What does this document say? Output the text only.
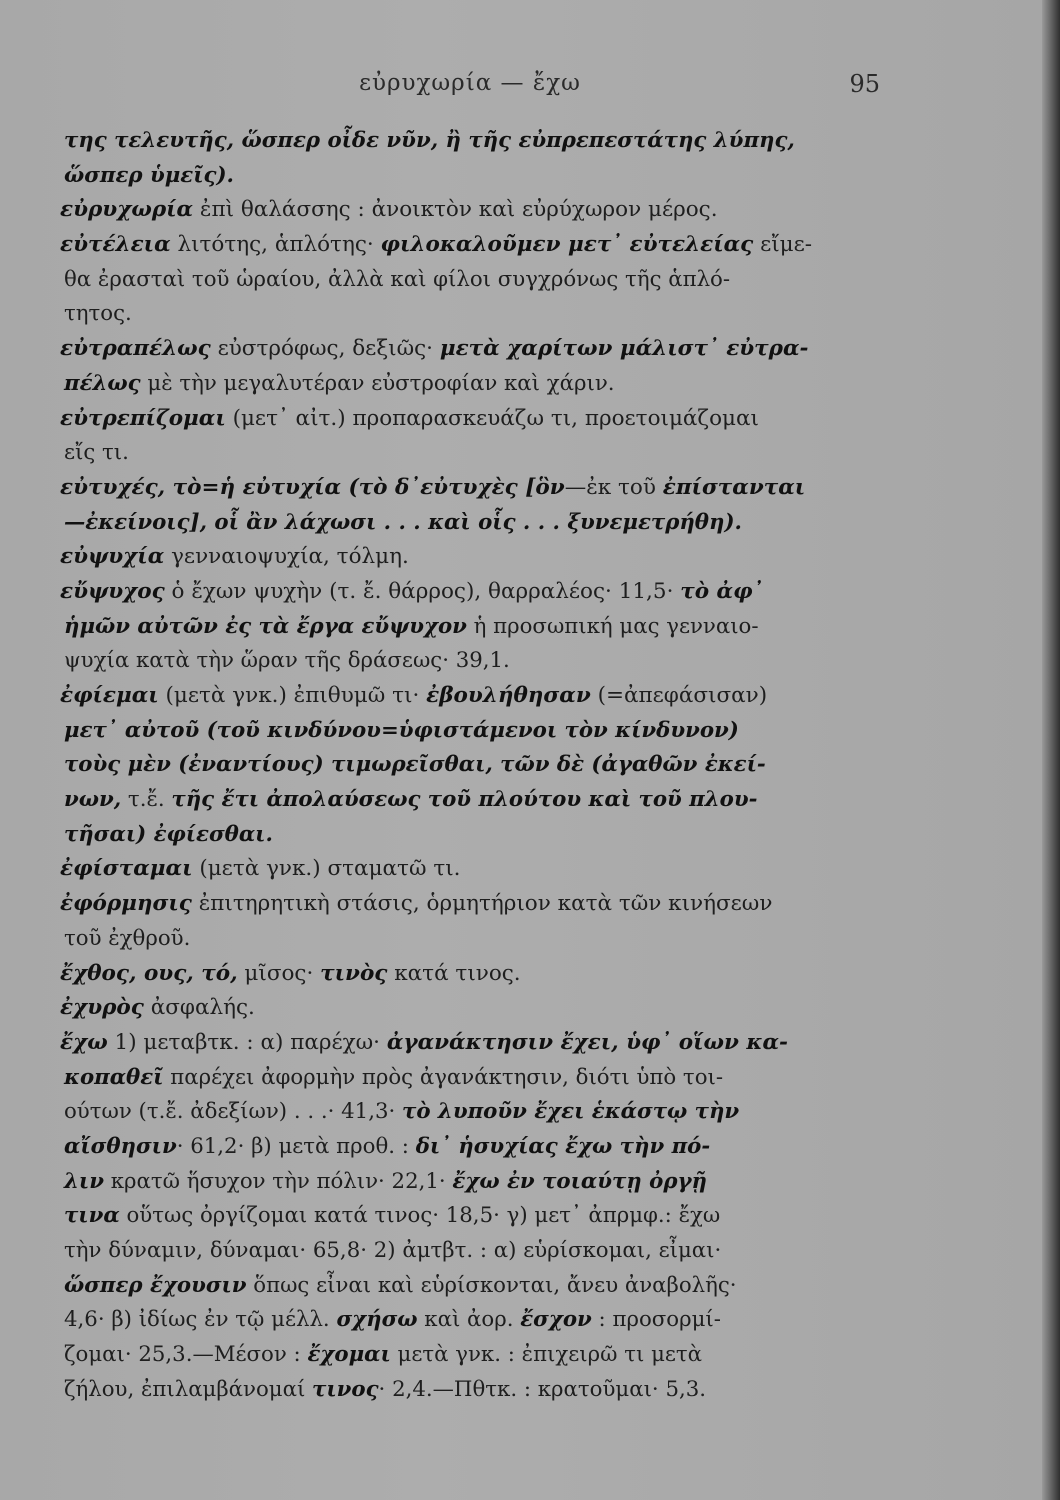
εὐρυχωρία — ἔχω	95
της τελευτῆς, ὥσπερ οἶδε νῦν, ἢ τῆς εὐπρεπεστάτης λύπης,
ὥσπερ ὑμεῖς).
εὐρυχωρία ἐπὶ θαλάσσης : ἀνοικτὸν καὶ εὐρύχωρον μέρος.
εὐτέλεια λιτότης, ἁπλότης· φιλοκαλοῦμεν μετ᾽ εὐτελείας εἴμε-
θα ἐρασταὶ τοῦ ὡραίου, ἀλλὰ καὶ φίλοι συγχρόνως τῆς ἁπλό-
τητος.
εὐτραπέλως εὐστρόφως, δεξιῶς· μετὰ χαρίτων μάλιστ᾽ εὐτρα-
πέλως μὲ τὴν μεγαλυτέραν εὐστροφίαν καὶ χάριν.
εὐτρεπίζομαι (μετ᾽ αἰτ.) προπαρασκευάζω τι, προετοιμάζομαι
εἴς τι.
εὐτυχές, τὸ=ἡ εὐτυχία (τὸ δ᾽εὐτυχὲς [ὃν—ἐκ τοῦ ἐπίστανται
—ἐκείνοις], οἷ ἂν λάχωσι . . . καὶ οἷς . . . ξυνεμετρήθη).
εὐψυχία γενναιοψυχία, τόλμη.
εὔψυχος ὁ ἔχων ψυχὴν (τ. ἔ. θάρρος), θαρραλέος· 11,5· τὸ ἀφ᾽
ἡμῶν αὐτῶν ἐς τὰ ἔργα εὔψυχον ἡ προσωπική μας γενναιο-
ψυχία κατὰ τὴν ὥραν τῆς δράσεως· 39,1.
ἐφίεμαι (μετὰ γνκ.) ἐπιθυμῶ τι· ἐβουλήθησαν (=ἀπεφάσισαν)
μετ᾽ αὐτοῦ (τοῦ κινδύνου=ὑφιστάμενοι τὸν κίνδυνον)
τοὺς μὲν (ἐναντίους) τιμωρεῖσθαι, τῶν δὲ (ἀγαθῶν ἐκεί-
νων, τ.ἔ. τῆς ἔτι ἀπολαύσεως τοῦ πλούτου καὶ τοῦ πλου-
τῆσαι) ἐφίεσθαι.
ἐφίσταμαι (μετὰ γνκ.) σταματῶ τι.
ἐφόρμησις ἐπιτηρητικὴ στάσις, ὁρμητήριον κατὰ τῶν κινήσεων
τοῦ ἐχθροῦ.
ἔχθος, ους, τό, μῖσος· τινὸς κατά τινος.
ἐχυρὸς ἀσφαλής.
ἔχω 1) μεταβτκ. : α) παρέχω· ἀγανάκτησιν ἔχει, ὑφ᾽ οἵων κα-
κοπαθεῖ παρέχει ἀφορμὴν πρὸς ἀγανάκτησιν, διότι ὑπὸ τοι-
ούτων (τ.ἔ. ἀδεξίων) . . .· 41,3· τὸ λυποῦν ἔχει ἑκάστῳ τὴν
αἴσθησιν· 61,2· β) μετὰ προθ. : δι᾽ ἡσυχίας ἔχω τὴν πό-
λιν κρατῶ ἥσυχον τὴν πόλιν· 22,1· ἔχω ἐν τοιαύτῃ ὀργῇ
τινα οὕτως ὀργίζομαι κατά τινος· 18,5· γ) μετ᾽ ἀπρμφ.: ἔχω
τὴν δύναμιν, δύναμαι· 65,8· 2) ἀμτβτ. : α) εὑρίσκομαι, εἶμαι·
ὥσπερ ἔχουσιν ὅπως εἶναι καὶ εὑρίσκονται, ἄνευ ἀναβολῆς·
4,6· β) ἰδίως ἐν τῷ μέλλ. σχήσω καὶ ἀορ. ἔσχον : προσορμί-
ζομαι· 25,3.—Μέσον : ἔχομαι μετὰ γνκ. : ἐπιχειρῶ τι μετὰ
ζήλου, ἐπιλαμβάνομαί τινος· 2,4.—Πθτκ. : κρατοῦμαι· 5,3.
